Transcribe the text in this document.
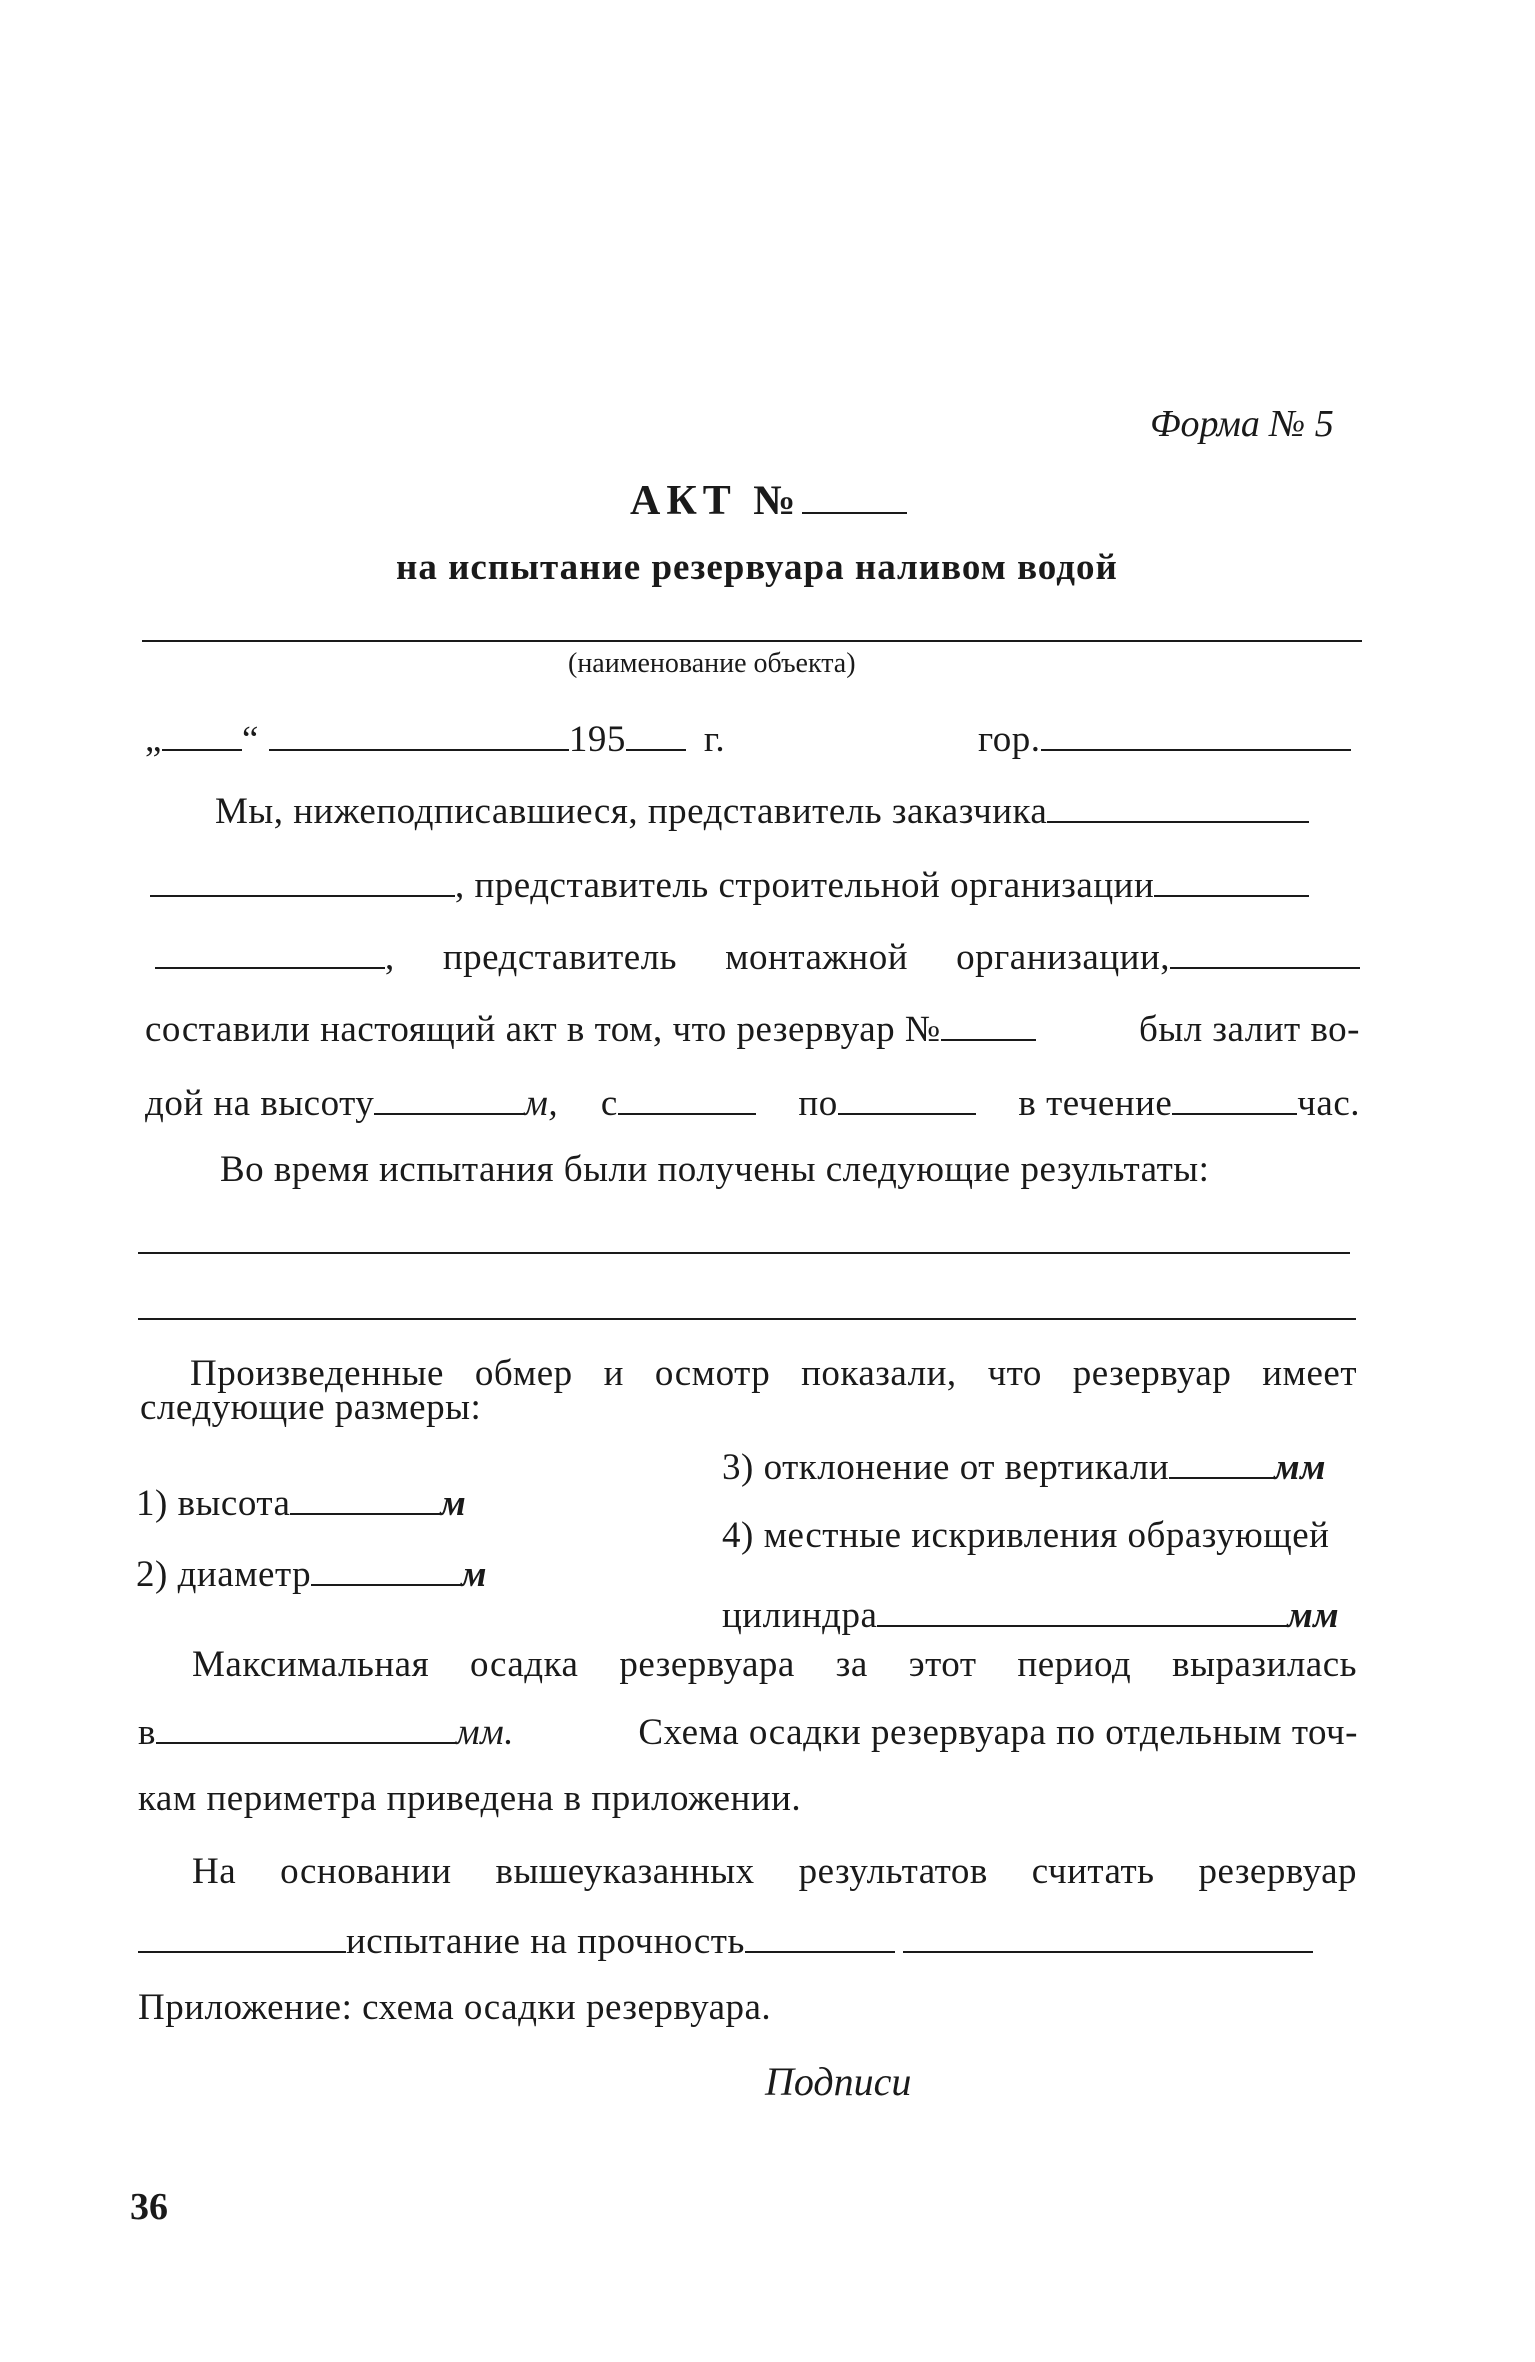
Форма № 5
АКТ №
на испытание резервуара наливом водой
(наименование объекта)
„ “	195 г.	гор.
Мы, нижеподписавшиеся, представитель заказчика
, представитель строительной организации
, представитель монтажной организации,
составили настоящий акт в том, что резервуар №	был залит во-
дой на высоту	м, с	по	в течение	час.
Во время испытания были получены следующие результаты:
Произведенные обмер и осмотр показали, что резервуар имеет
следующие размеры:
3) отклонение от вертикали	мм
1) высота	м
4) местные искривления образующей
2) диаметр	м
цилиндра	мм
Максимальная осадка резервуара за этот период выразилась
в	мм.	Схема осадки резервуара по отдельным точ-
кам периметра приведена в приложении.
На основании вышеуказанных результатов считать резервуар
испытание на прочность
Приложение: схема осадки резервуара.
Подписи
36
